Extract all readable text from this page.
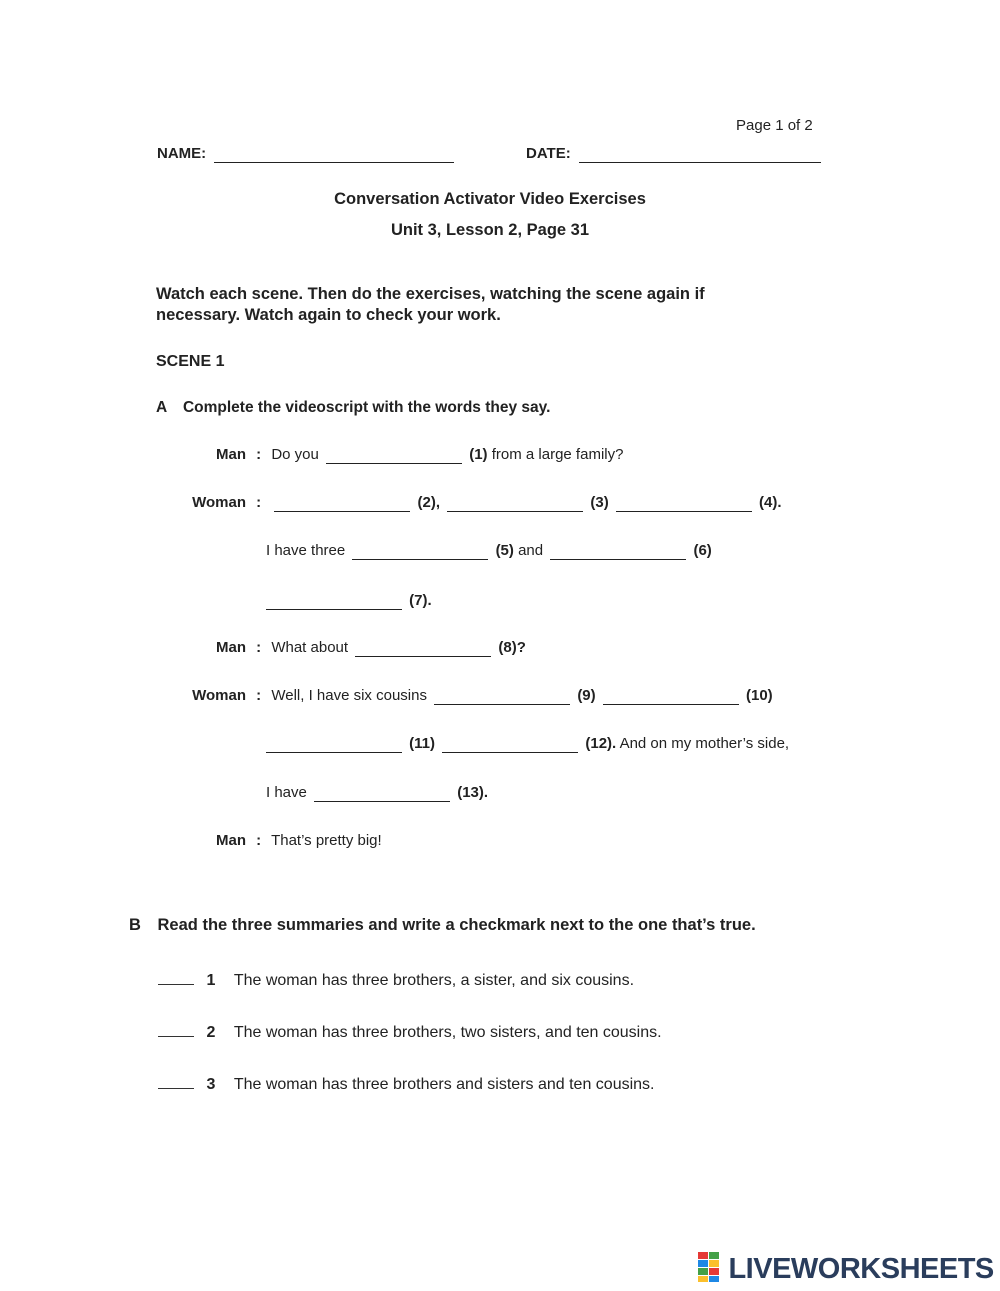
Page 1 of 2
NAME:	DATE:
Conversation Activator Video Exercises
Unit 3, Lesson 2, Page 31
Watch each scene. Then do the exercises, watching the scene again if
necessary. Watch again to check your work.
SCENE 1
A Complete the videoscript with the words they say.
Man : Do you	(1) from a large family?
Woman :	(2),	(3)	(4).
I have three	(5) and	(6)
(7).
Man : What about	(8)?
Woman : Well, I have six cousins	(9)	(10)
(11)	(12). And on my mother’s side,
I have	(13).
Man : That’s pretty big!
B Read the three summaries and write a checkmark next to the one that’s true.
1 The woman has three brothers, a sister, and six cousins.
2 The woman has three brothers, two sisters, and ten cousins.
3 The woman has three brothers and sisters and ten cousins.
LIVEWORKSHEETS
